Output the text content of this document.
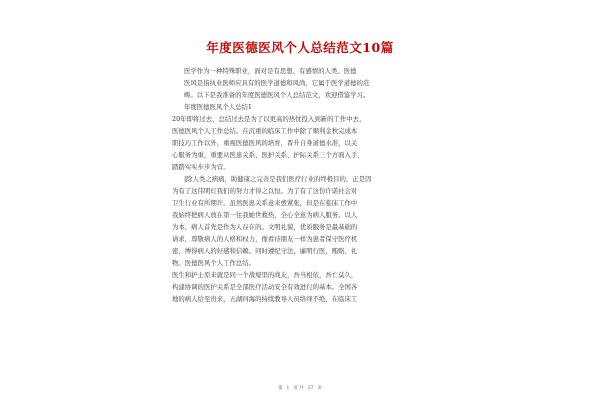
年度医德医风个人总结范文10篇
医学作为一种特殊职业，面对是有思想、有感情的人类。医德
医风是指执业医师应具有的医学道德和风尚，它属于医学道德的范
畴。以下是我准备的年度医德医风个人总结范文，欢迎借鉴学习。
年度医德医风个人总结1
20年即将过去，总结过去是为了以更高的热忱投入到新的工作中去，
医德医风个人工作总结。在沉重的临床工作中除了顺利金秋完成本
职技巧工作以外，重视医德医风的培育，晋升自身道德水准，以关
心服务为重，重要从医患关系、医护关系、护际关系三个方面入手，
踏踏实实步步为营。
|除人类之病痛，助健康之完善是我们医疗行业的终极目的，正是因
为有了这伟明灯我们的努力才得之以恒。为了有了这份许诺社会对
卫生行业有所期许。虽然医患关系意来愈紧张，但是在临床工作中
我始终把病人放在第一往我她世救热，全心全意为病人服务。以人
为本，病人首先是作为人存在的。文明礼貌，优质服务是最基础的
请求，尊敬病人的人格和权力，像看待朋友一样为患者保守医疗机
密，博得病人的好感和信赖。同时遵纪守法，廉明行医，贿赂、礼
物。医德医风个人工作总结。
医生和护士原来就是同一个战壕里的战友，吾当相依，吾亡莫久，
构建协调的医护关系是全部医疗活动安全有效进行的基本。全国各
地的病人给至贵来，五湖四海的持续教导人员络绎不绝，在临床工
第 1 页 共 27 页
